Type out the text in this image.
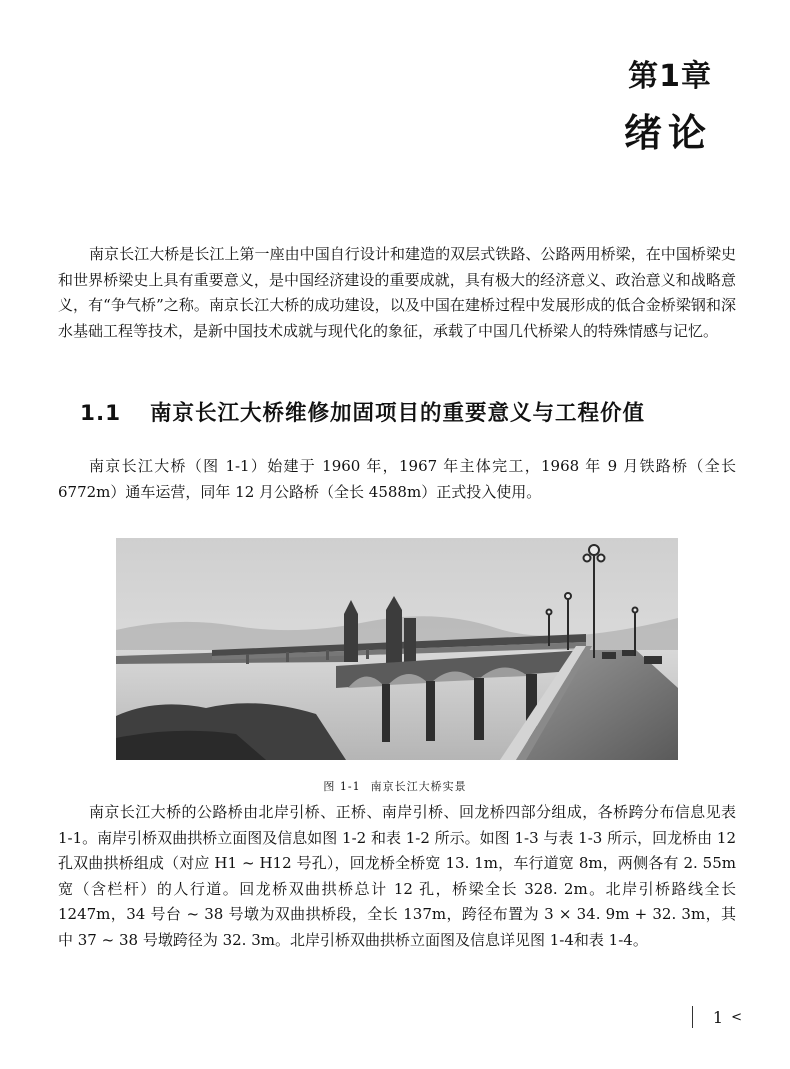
第1章
绪论

南京长江大桥是长江上第一座由中国自行设计和建造的双层式铁路、公路两用桥梁，在中国桥梁史和世界桥梁史上具有重要意义，是中国经济建设的重要成就，具有极大的经济意义、政治意义和战略意义，有“争气桥”之称。南京长江大桥的成功建设，以及中国在建桥过程中发展形成的低合金桥梁钢和深水基础工程等技术，是新中国技术成就与现代化的象征，承载了中国几代桥梁人的特殊情感与记忆。

1.1 南京长江大桥维修加固项目的重要意义与工程价值

南京长江大桥（图 1-1）始建于 1960 年，1967 年主体完工，1968 年 9 月铁路桥（全长6772m）通车运营，同年 12 月公路桥（全长 4588m）正式投入使用。

图 1-1 南京长江大桥实景

南京长江大桥的公路桥由北岸引桥、正桥、南岸引桥、回龙桥四部分组成，各桥跨分布信息见表 1-1。南岸引桥双曲拱桥立面图及信息如图 1-2 和表 1-2 所示。如图 1-3 与表 1-3 所示，回龙桥由 12 孔双曲拱桥组成（对应 H1 ~ H12 号孔），回龙桥全桥宽 13. 1m，车行道宽 8m，两侧各有 2. 55m 宽（含栏杆）的人行道。回龙桥双曲拱桥总计 12 孔，桥梁全长 328. 2m。北岸引桥路线全长 1247m，34 号台 ~ 38 号墩为双曲拱桥段，全长 137m，跨径布置为 3 × 34. 9m + 32. 3m，其中 37 ~ 38 号墩跨径为 32. 3m。北岸引桥双曲拱桥立面图及信息详见图 1-4和表 1-4。

1 <
